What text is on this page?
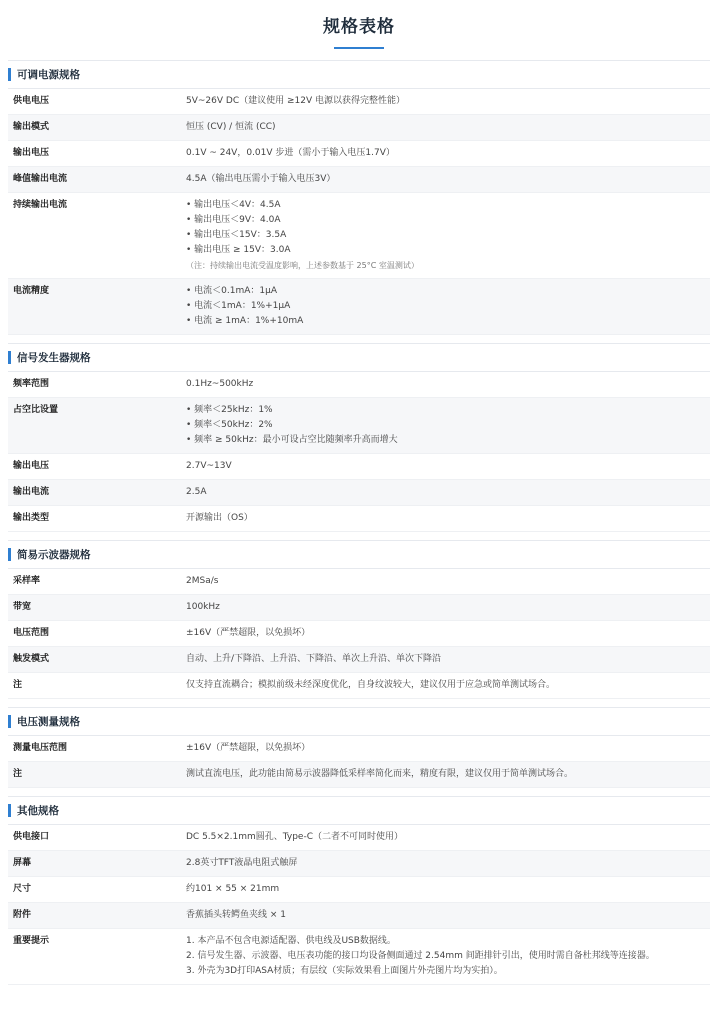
规格表格
可调电源规格
供电电压	5V~26V DC（建议使用 ≥12V 电源以获得完整性能）
输出模式	恒压 (CV) / 恒流 (CC)
输出电压	0.1V ~ 24V，0.01V 步进（需小于输入电压1.7V）
峰值输出电流	4.5A（输出电压需小于输入电压3V）
持续输出电流	• 输出电压＜4V：4.5A
• 输出电压＜9V：4.0A
• 输出电压＜15V：3.5A
• 输出电压 ≥ 15V：3.0A
（注：持续输出电流受温度影响，上述参数基于 25°C 室温测试）
电流精度	• 电流＜0.1mA：1μA
• 电流＜1mA：1%+1μA
• 电流 ≥ 1mA：1%+10mA
信号发生器规格
频率范围	0.1Hz~500kHz
占空比设置	• 频率＜25kHz：1%
• 频率＜50kHz：2%
• 频率 ≥ 50kHz：最小可设占空比随频率升高而增大
输出电压	2.7V~13V
输出电流	2.5A
输出类型	开源输出（OS）
简易示波器规格
采样率	2MSa/s
带宽	100kHz
电压范围	±16V（严禁超限，以免损坏）
触发模式	自动、上升/下降沿、上升沿、下降沿、单次上升沿、单次下降沿
注	仅支持直流耦合；模拟前级未经深度优化，自身纹波较大，建议仅用于应急或简单测试场合。
电压测量规格
测量电压范围	±16V（严禁超限，以免损坏）
注	测试直流电压，此功能由简易示波器降低采样率简化而来，精度有限，建议仅用于简单测试场合。
其他规格
供电接口	DC 5.5×2.1mm圆孔、Type-C（二者不可同时使用）
屏幕	2.8英寸TFT液晶电阻式触屏
尺寸	约101 × 55 × 21mm
附件	香蕉插头转鳄鱼夹线 × 1
重要提示	1. 本产品不包含电源适配器、供电线及USB数据线。
2. 信号发生器、示波器、电压表功能的接口均设备侧面通过 2.54mm 间距排针引出，使用时需自备杜邦线等连接器。
3. 外壳为3D打印ASA材质；有层纹（实际效果看上面图片外壳图片均为实拍）。
